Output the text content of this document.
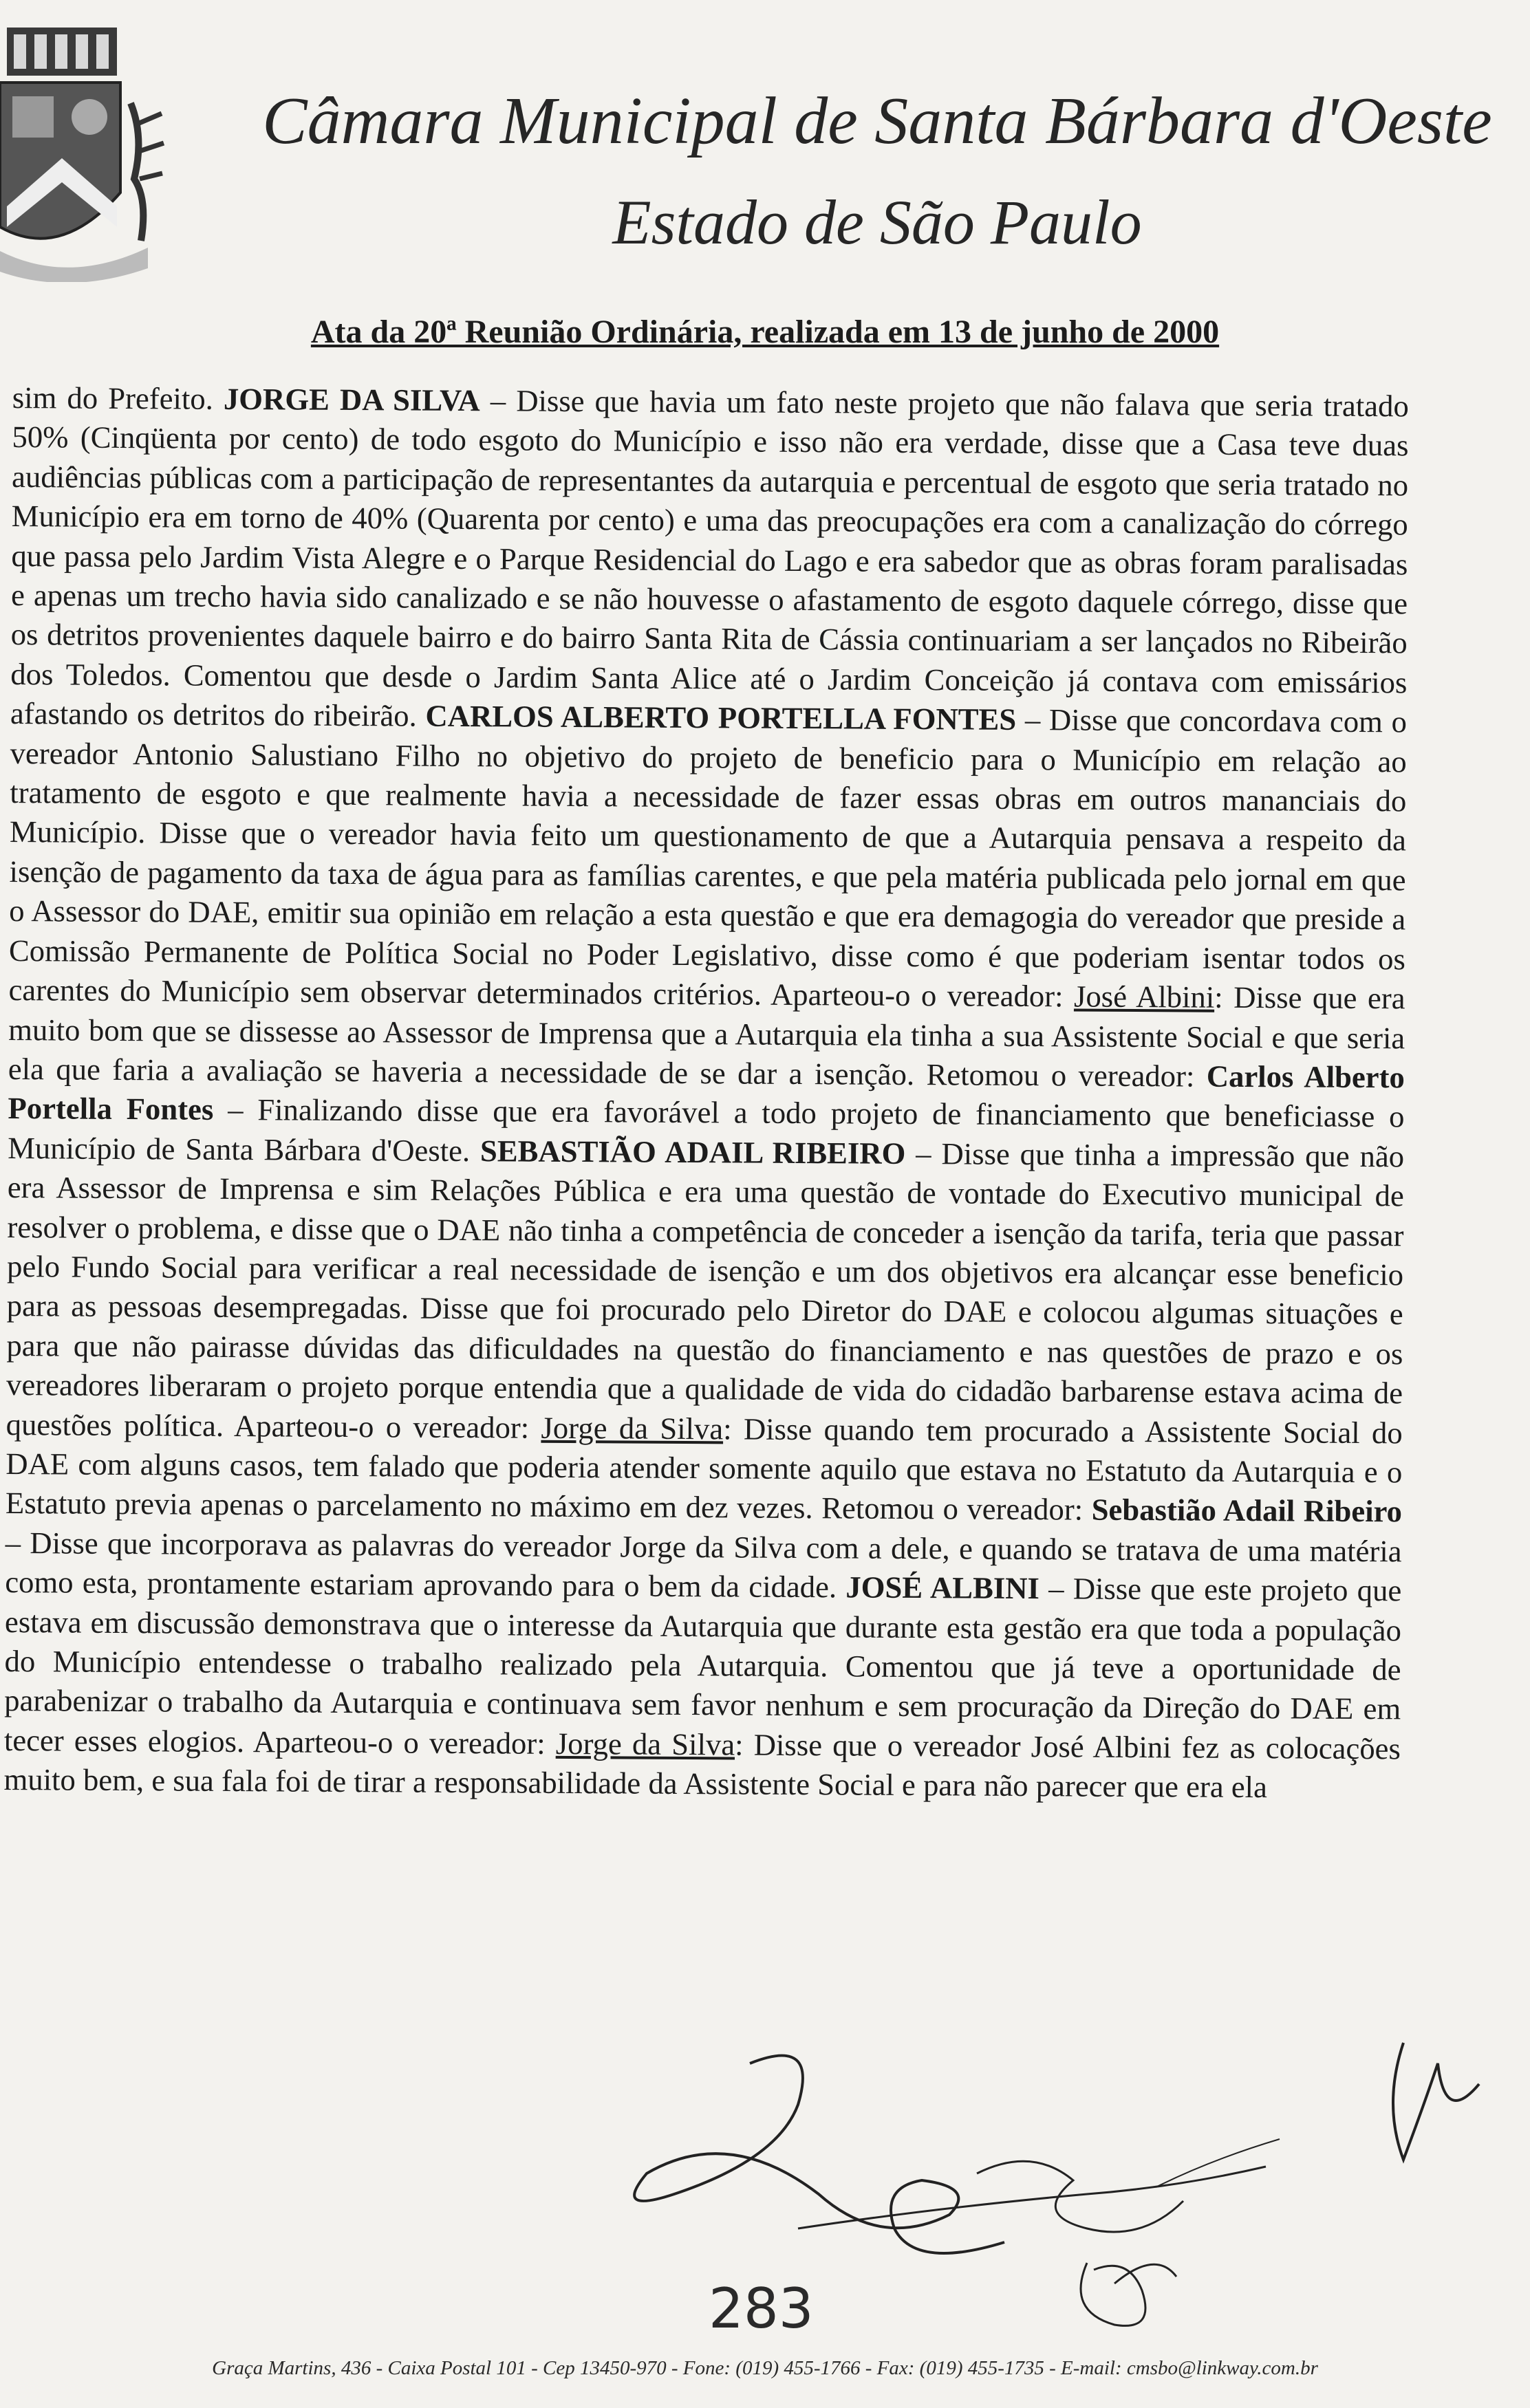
Câmara Municipal de Santa Bárbara d'Oeste
Estado de São Paulo
Ata da 20ª Reunião Ordinária, realizada em 13 de junho de 2000

sim do Prefeito. JORGE DA SILVA – Disse que havia um fato neste projeto que não falava que seria tratado 50% (Cinqüenta por cento) de todo esgoto do Município e isso não era verdade, disse que a Casa teve duas audiências públicas com a participação de representantes da autarquia e percentual de esgoto que seria tratado no Município era em torno de 40% (Quarenta por cento) e uma das preocupações era com a canalização do córrego que passa pelo Jardim Vista Alegre e o Parque Residencial do Lago e era sabedor que as obras foram paralisadas e apenas um trecho havia sido canalizado e se não houvesse o afastamento de esgoto daquele córrego, disse que os detritos provenientes daquele bairro e do bairro Santa Rita de Cássia continuariam a ser lançados no Ribeirão dos Toledos. Comentou que desde o Jardim Santa Alice até o Jardim Conceição já contava com emissários afastando os detritos do ribeirão. CARLOS ALBERTO PORTELLA FONTES – Disse que concordava com o vereador Antonio Salustiano Filho no objetivo do projeto de beneficio para o Município em relação ao tratamento de esgoto e que realmente havia a necessidade de fazer essas obras em outros mananciais do Município. Disse que o vereador havia feito um questionamento de que a Autarquia pensava a respeito da isenção de pagamento da taxa de água para as famílias carentes, e que pela matéria publicada pelo jornal em que o Assessor do DAE, emitir sua opinião em relação a esta questão e que era demagogia do vereador que preside a Comissão Permanente de Política Social no Poder Legislativo, disse como é que poderiam isentar todos os carentes do Município sem observar determinados critérios. Aparteou-o o vereador: José Albini: Disse que era muito bom que se dissesse ao Assessor de Imprensa que a Autarquia ela tinha a sua Assistente Social e que seria ela que faria a avaliação se haveria a necessidade de se dar a isenção. Retomou o vereador: Carlos Alberto Portella Fontes – Finalizando disse que era favorável a todo projeto de financiamento que beneficiasse o Município de Santa Bárbara d'Oeste. SEBASTIÃO ADAIL RIBEIRO – Disse que tinha a impressão que não era Assessor de Imprensa e sim Relações Pública e era uma questão de vontade do Executivo municipal de resolver o problema, e disse que o DAE não tinha a competência de conceder a isenção da tarifa, teria que passar pelo Fundo Social para verificar a real necessidade de isenção e um dos objetivos era alcançar esse beneficio para as pessoas desempregadas. Disse que foi procurado pelo Diretor do DAE e colocou algumas situações e para que não pairasse dúvidas das dificuldades na questão do financiamento e nas questões de prazo e os vereadores liberaram o projeto porque entendia que a qualidade de vida do cidadão barbarense estava acima de questões política. Aparteou-o o vereador: Jorge da Silva: Disse quando tem procurado a Assistente Social do DAE com alguns casos, tem falado que poderia atender somente aquilo que estava no Estatuto da Autarquia e o Estatuto previa apenas o parcelamento no máximo em dez vezes. Retomou o vereador: Sebastião Adail Ribeiro – Disse que incorporava as palavras do vereador Jorge da Silva com a dele, e quando se tratava de uma matéria como esta, prontamente estariam aprovando para o bem da cidade. JOSÉ ALBINI – Disse que este projeto que estava em discussão demonstrava que o interesse da Autarquia que durante esta gestão era que toda a população do Município entendesse o trabalho realizado pela Autarquia. Comentou que já teve a oportunidade de parabenizar o trabalho da Autarquia e continuava sem favor nenhum e sem procuração da Direção do DAE em tecer esses elogios. Aparteou-o o vereador: Jorge da Silva: Disse que o vereador José Albini fez as colocações muito bem, e sua fala foi de tirar a responsabilidade da Assistente Social e para não parecer que era ela

283
Graça Martins, 436 - Caixa Postal 101 - Cep 13450-970 - Fone: (019) 455-1766 - Fax: (019) 455-1735 - E-mail: cmsbo@linkway.com.br
